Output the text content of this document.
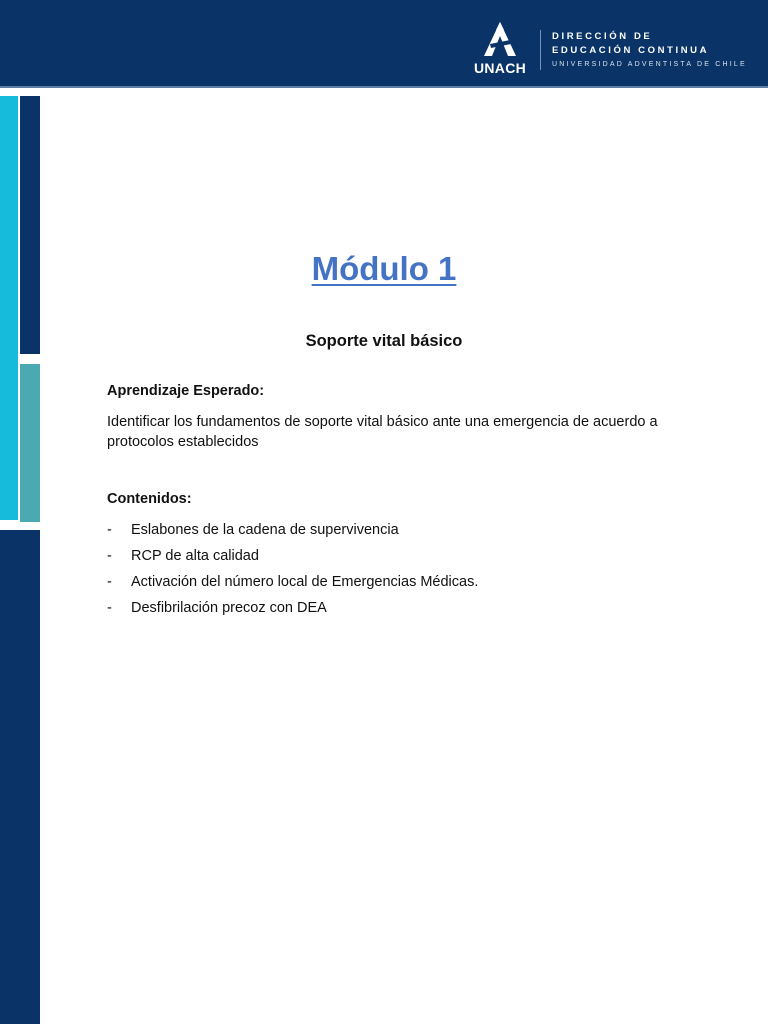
UNACH
DIRECCIÓN DE
EDUCACIÓN CONTINUA
UNIVERSIDAD ADVENTISTA DE CHILE
Módulo 1
Soporte vital básico
Aprendizaje Esperado:
Identificar los fundamentos de soporte vital básico ante una emergencia de acuerdo a protocolos establecidos
Contenidos:
- Eslabones de la cadena de supervivencia
- RCP de alta calidad
- Activación del número local de Emergencias Médicas.
- Desfibrilación precoz con DEA
